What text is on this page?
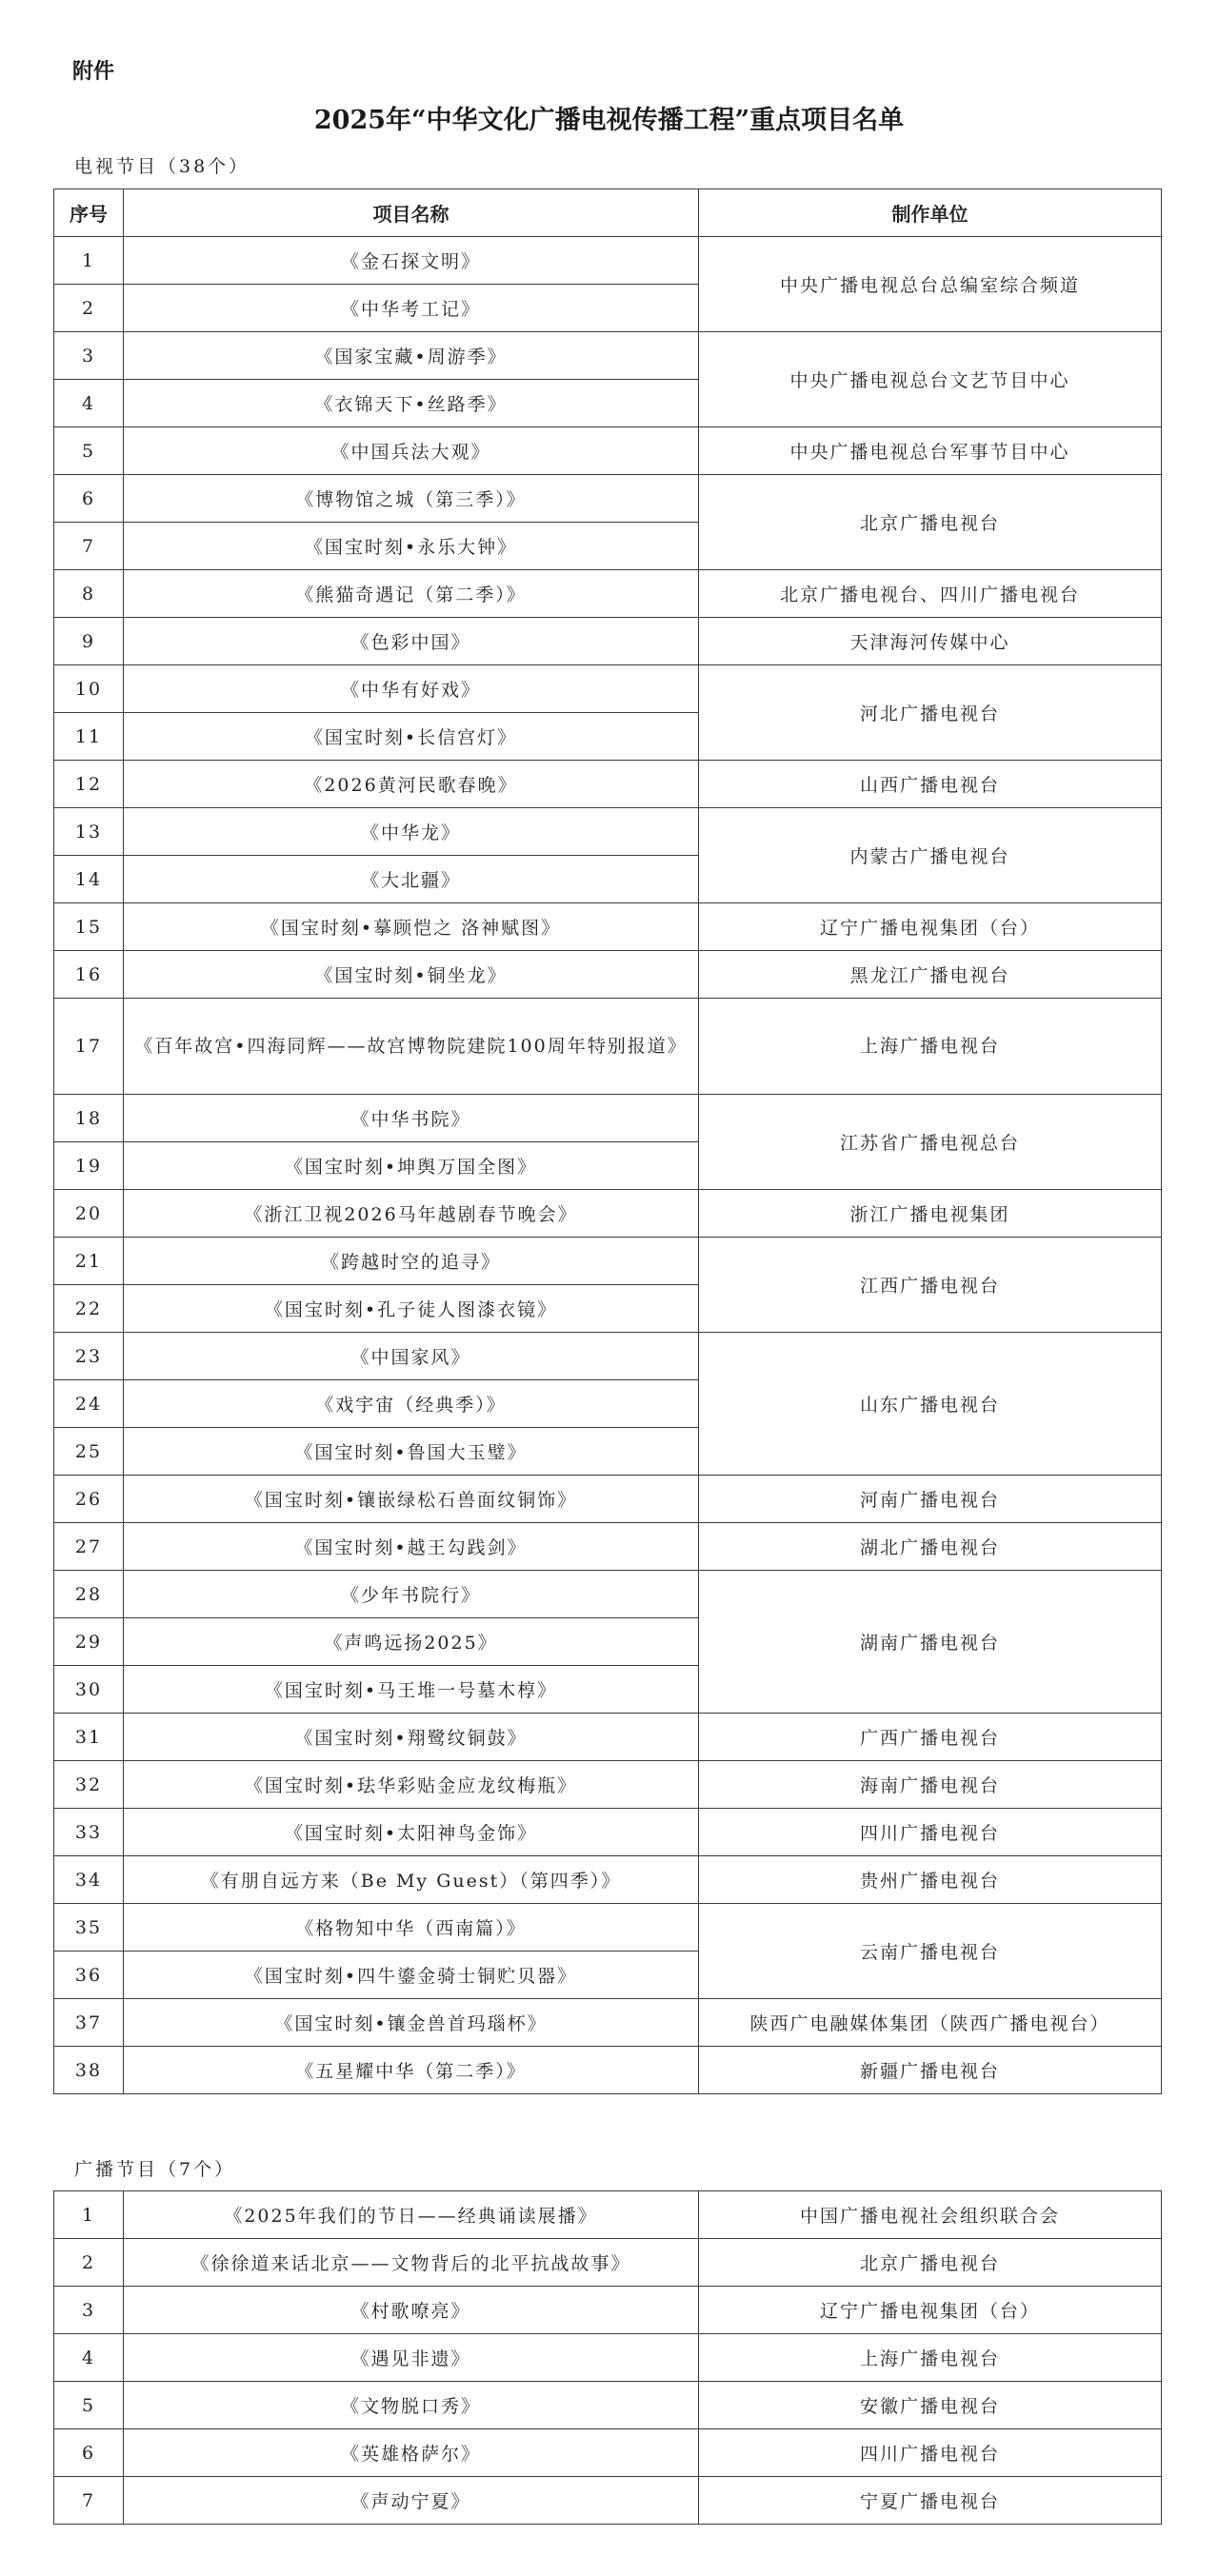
附件
2025年“中华文化广播电视传播工程”重点项目名单
电视节目（38个）
序号	项目名称	制作单位
1	《金石探文明》	中央广播电视总台总编室综合频道
2	《中华考工记》	
3	《国家宝藏•周游季》	中央广播电视总台文艺节目中心
4	《衣锦天下•丝路季》	
5	《中国兵法大观》	中央广播电视总台军事节目中心
6	《博物馆之城（第三季）》	北京广播电视台
7	《国宝时刻•永乐大钟》	
8	《熊猫奇遇记（第二季）》	北京广播电视台、四川广播电视台
9	《色彩中国》	天津海河传媒中心
10	《中华有好戏》	河北广播电视台
11	《国宝时刻•长信宫灯》	
12	《2026黄河民歌春晚》	山西广播电视台
13	《中华龙》	内蒙古广播电视台
14	《大北疆》	
15	《国宝时刻•摹顾恺之 洛神赋图》	辽宁广播电视集团（台）
16	《国宝时刻•铜坐龙》	黑龙江广播电视台
17	《百年故宫•四海同辉——故宫博物院建院100周年特别报道》	上海广播电视台
18	《中华书院》	江苏省广播电视总台
19	《国宝时刻•坤舆万国全图》	
20	《浙江卫视2026马年越剧春节晚会》	浙江广播电视集团
21	《跨越时空的追寻》	江西广播电视台
22	《国宝时刻•孔子徒人图漆衣镜》	
23	《中国家风》	山东广播电视台
24	《戏宇宙（经典季）》	
25	《国宝时刻•鲁国大玉璧》	
26	《国宝时刻•镶嵌绿松石兽面纹铜饰》	河南广播电视台
27	《国宝时刻•越王勾践剑》	湖北广播电视台
28	《少年书院行》	湖南广播电视台
29	《声鸣远扬2025》	
30	《国宝时刻•马王堆一号墓木椁》	
31	《国宝时刻•翔鹭纹铜鼓》	广西广播电视台
32	《国宝时刻•珐华彩贴金应龙纹梅瓶》	海南广播电视台
33	《国宝时刻•太阳神鸟金饰》	四川广播电视台
34	《有朋自远方来（Be My Guest）（第四季）》	贵州广播电视台
35	《格物知中华（西南篇）》	云南广播电视台
36	《国宝时刻•四牛鎏金骑士铜贮贝器》	
37	《国宝时刻•镶金兽首玛瑙杯》	陕西广电融媒体集团（陕西广播电视台）
38	《五星耀中华（第二季）》	新疆广播电视台
广播节目（7个）
1	《2025年我们的节日——经典诵读展播》	中国广播电视社会组织联合会
2	《徐徐道来话北京——文物背后的北平抗战故事》	北京广播电视台
3	《村歌嘹亮》	辽宁广播电视集团（台）
4	《遇见非遗》	上海广播电视台
5	《文物脱口秀》	安徽广播电视台
6	《英雄格萨尔》	四川广播电视台
7	《声动宁夏》	宁夏广播电视台
